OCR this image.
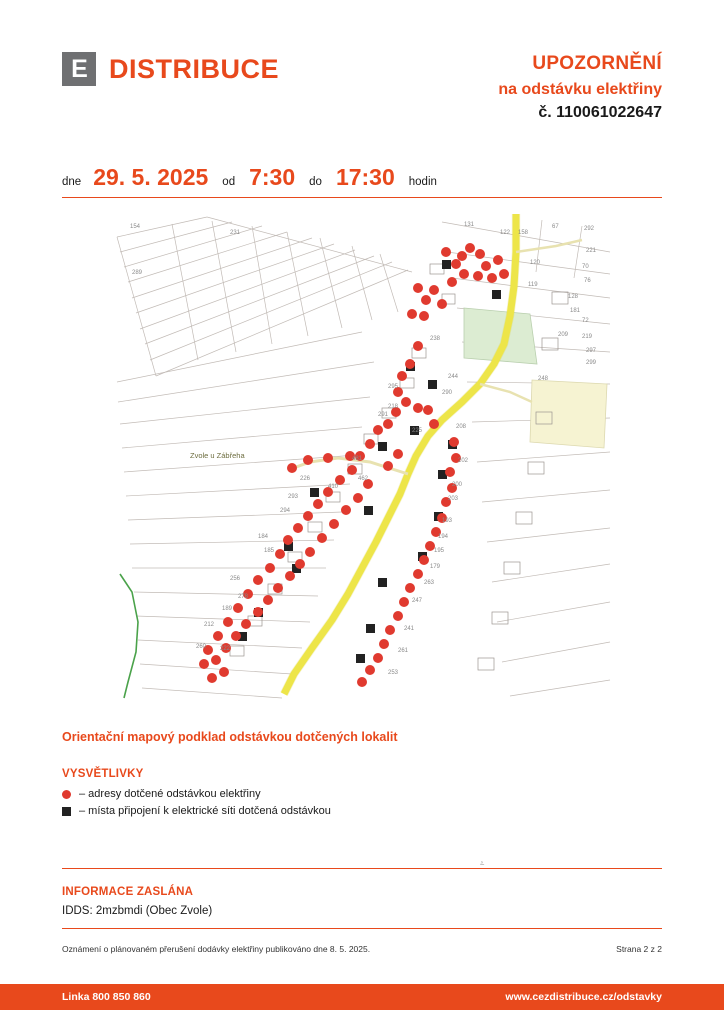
E DISTRIBUCE	UPOZORNĚNÍ
na odstávku elektřiny
č. 110061022647
dne 29. 5. 2025	od 7:30	do 17:30	hodin
Zvole u Zábřeha
154
231
289
131
122 158
67	292
221
70
76
120
119
128
181
72
209 219
297
299
248
238
244
290
295
208
202
200
203
193
194
195
179
263
247
241
261
253
226
293
294
184
185
256
278
189
212
260 222
218
225
291
462
410
481
Orientační mapový podklad odstávkou dotčených lokalit
VYSVĚTLIVKY
– adresy dotčené odstávkou elektřiny
– místa připojení k elektrické síti dotčená odstávkou
೭
INFORMACE ZASLÁNA
IDDS: 2mzbmdi (Obec Zvole)
Oznámení o plánovaném přerušení dodávky elektřiny publikováno dne 8. 5. 2025.	Strana 2 z 2
Linka 800 850 860	www.cezdistribuce.cz/odstavky
